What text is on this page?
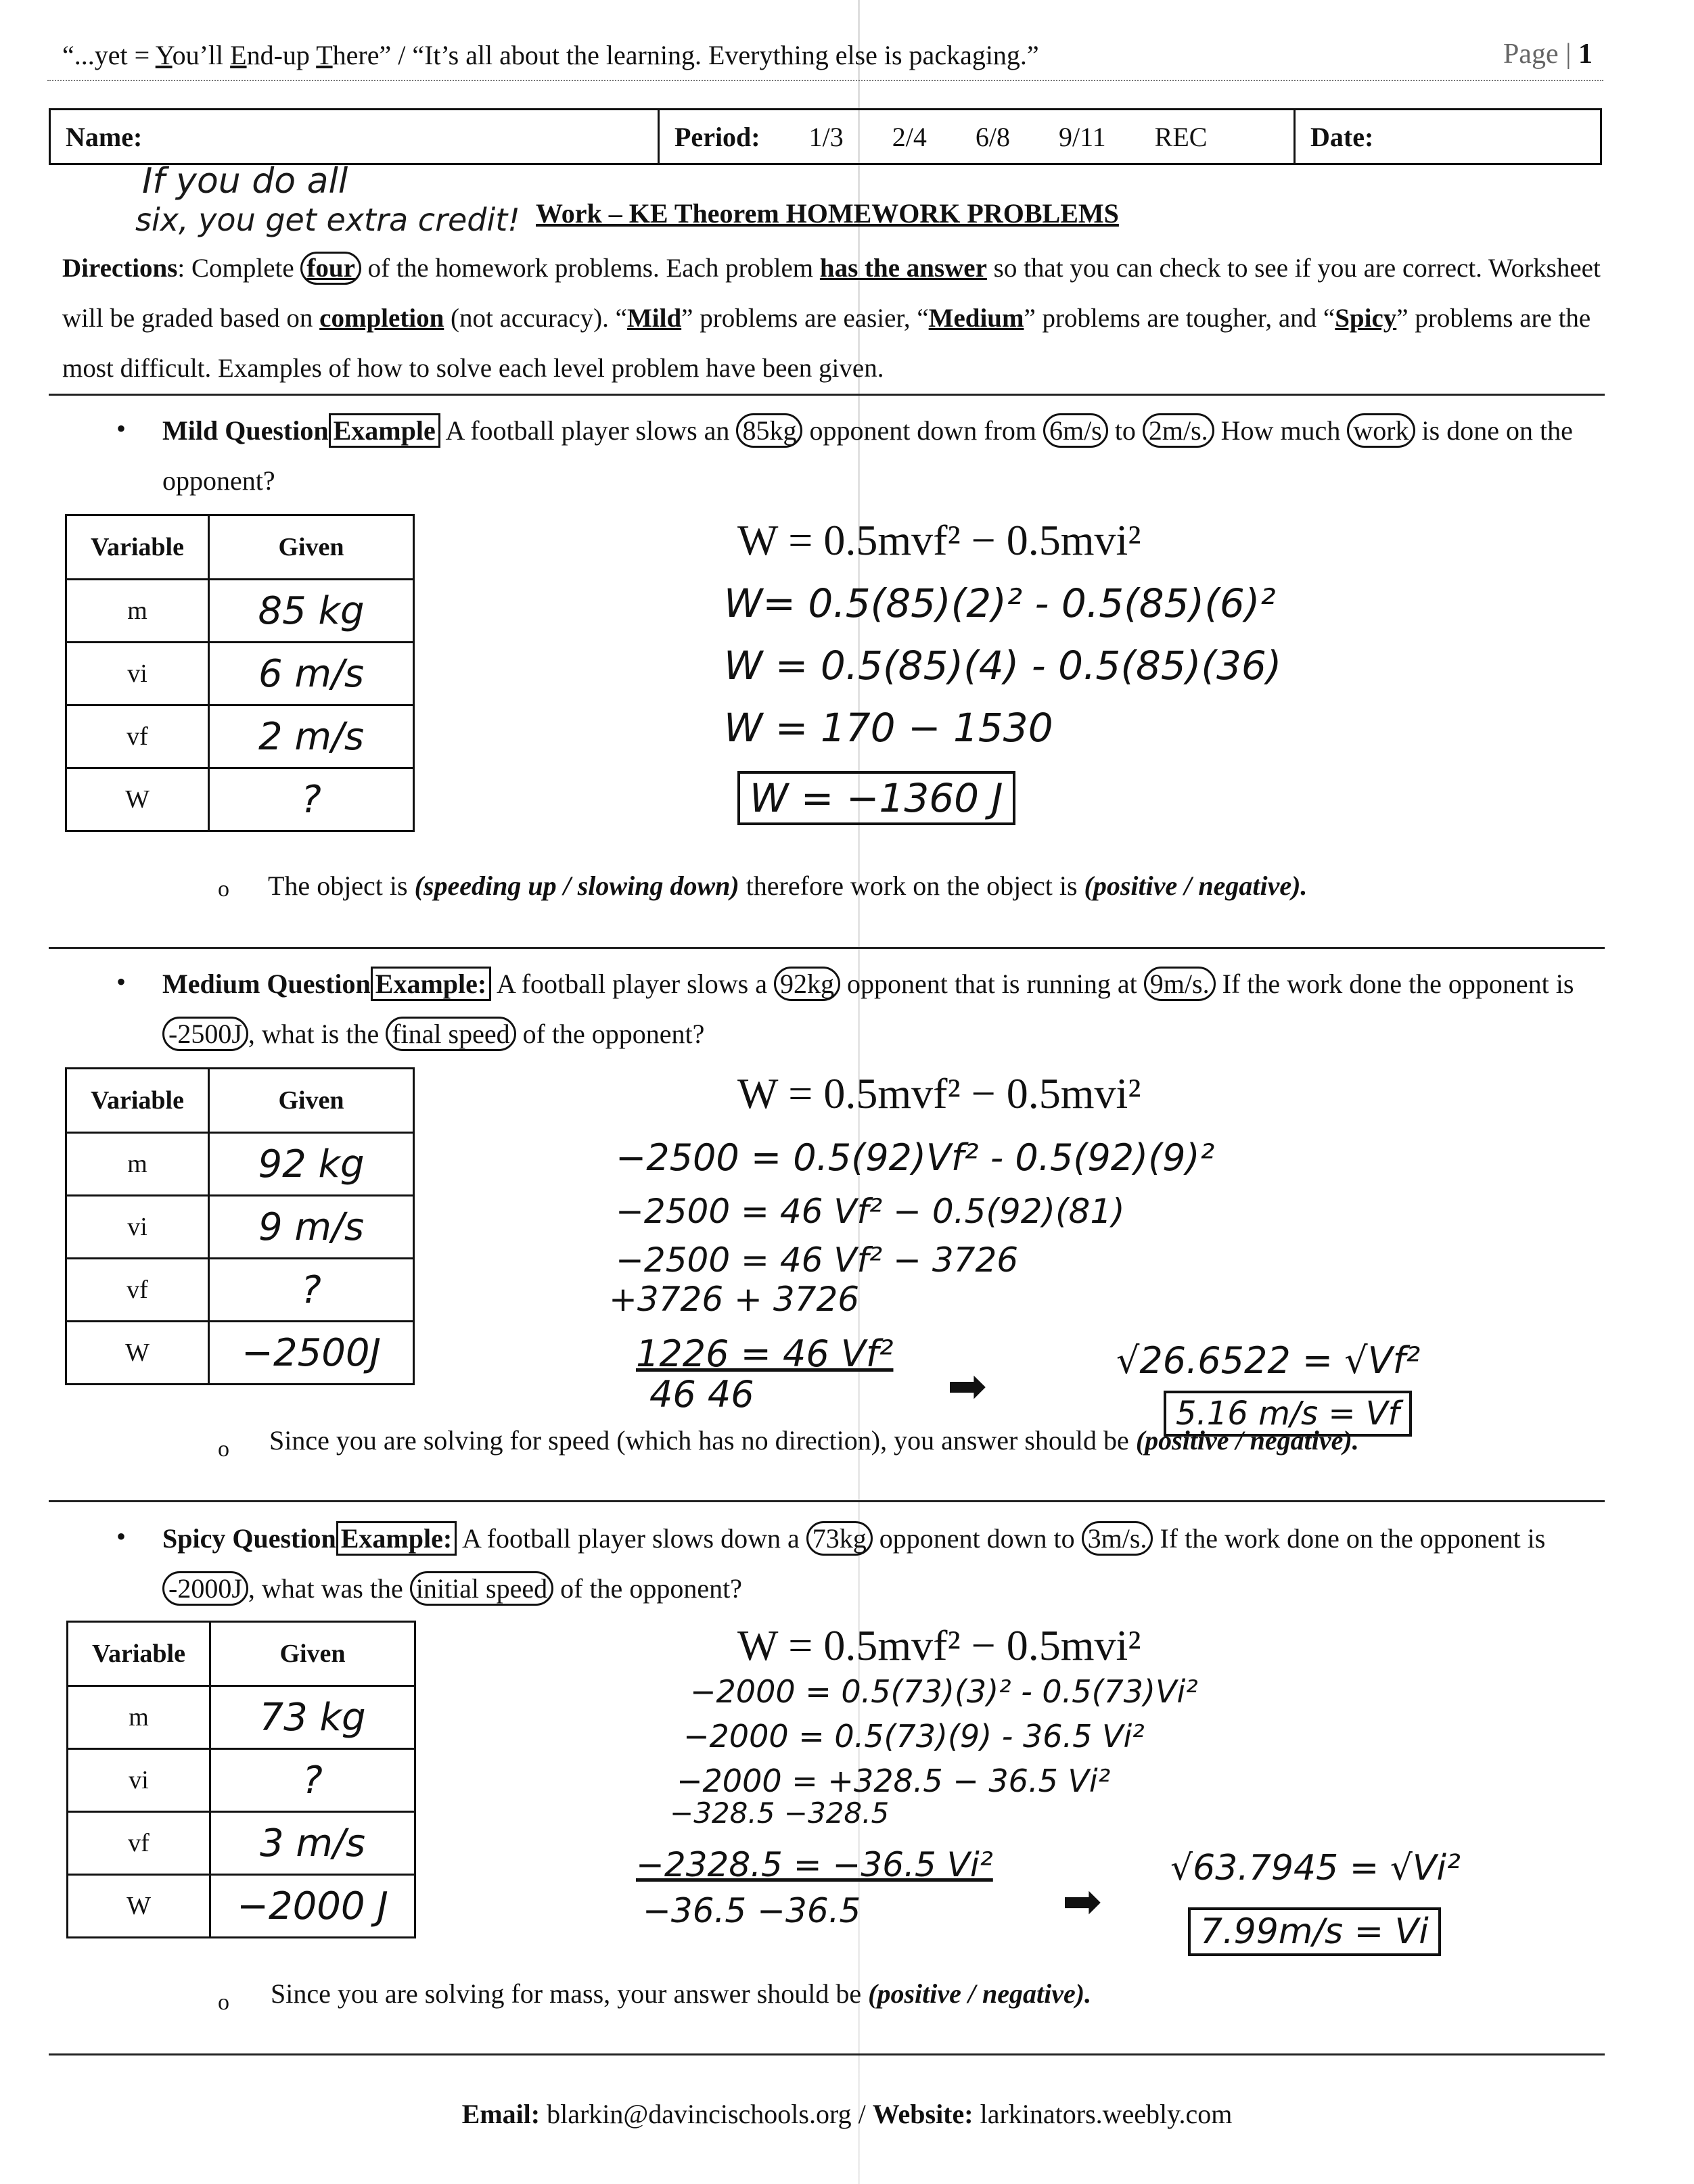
“...yet = You’ll End-up There” / “It’s all about the learning. Everything else is packaging.”	Page | 1
Name:	Period: 1/3 2/4 6/8 9/11 REC	Date:
If you do all
six, you get extra credit! Work – KE Theorem HOMEWORK PROBLEMS
Directions: Complete four of the homework problems. Each problem has the answer so that you can check to see if you are correct. Worksheet will be graded based on completion (not accuracy). “Mild” problems are easier, “Medium” problems are tougher, and “Spicy” problems are the most difficult. Examples of how to solve each level problem have been given.
• Mild Question Example A football player slows an 85kg opponent down from 6m/s to 2m/s. How much work is done on the opponent?
Variable	Given
m	85 kg
vi	6 m/s
vf	2 m/s
W	?
W = 0.5mvf² − 0.5mvi²
W= 0.5(85)(2)² - 0.5(85)(6)²
W = 0.5(85)(4) - 0.5(85)(36)
W = 170 − 1530
W = −1360 J
o The object is (speeding up / slowing down) therefore work on the object is (positive / negative).
• Medium Question Example: A football player slows a 92kg opponent that is running at 9m/s. If the work done the opponent is -2500J , what is the final speed of the opponent?
Variable	Given
m	92 kg
vi	9 m/s
vf	?
W	−2500J
W = 0.5mvf² − 0.5mvi²
−2500 = 0.5(92)Vf² - 0.5(92)(9)²
−2500 = 46 Vf² − 0.5(92)(81)
−2500 = 46 Vf² − 3726
+3726 + 3726
1226 = 46 Vf²
46 46	➡
√26.6522 = √Vf²
5.16 m/s = Vf
o Since you are solving for speed (which has no direction), you answer should be (positive / negative).
• Spicy Question Example: A football player slows down a 73kg opponent down to 3m/s. If the work done on the opponent is -2000J , what was the initial speed of the opponent?
Variable	Given
m	73 kg
vi	?
vf	3 m/s
W	−2000 J
W = 0.5mvf² − 0.5mvi²
−2000 = 0.5(73)(3)² - 0.5(73)Vi²
−2000 = 0.5(73)(9) - 36.5 Vi²
−2000 = +328.5 − 36.5 Vi²
−328.5 −328.5
−2328.5 = −36.5 Vi²
−36.5 −36.5	➡
√63.7945 = √Vi²
7.99m/s = Vi
o Since you are solving for mass, your answer should be (positive / negative).
Email: blarkin@davincischools.org / Website: larkinators.weebly.com
